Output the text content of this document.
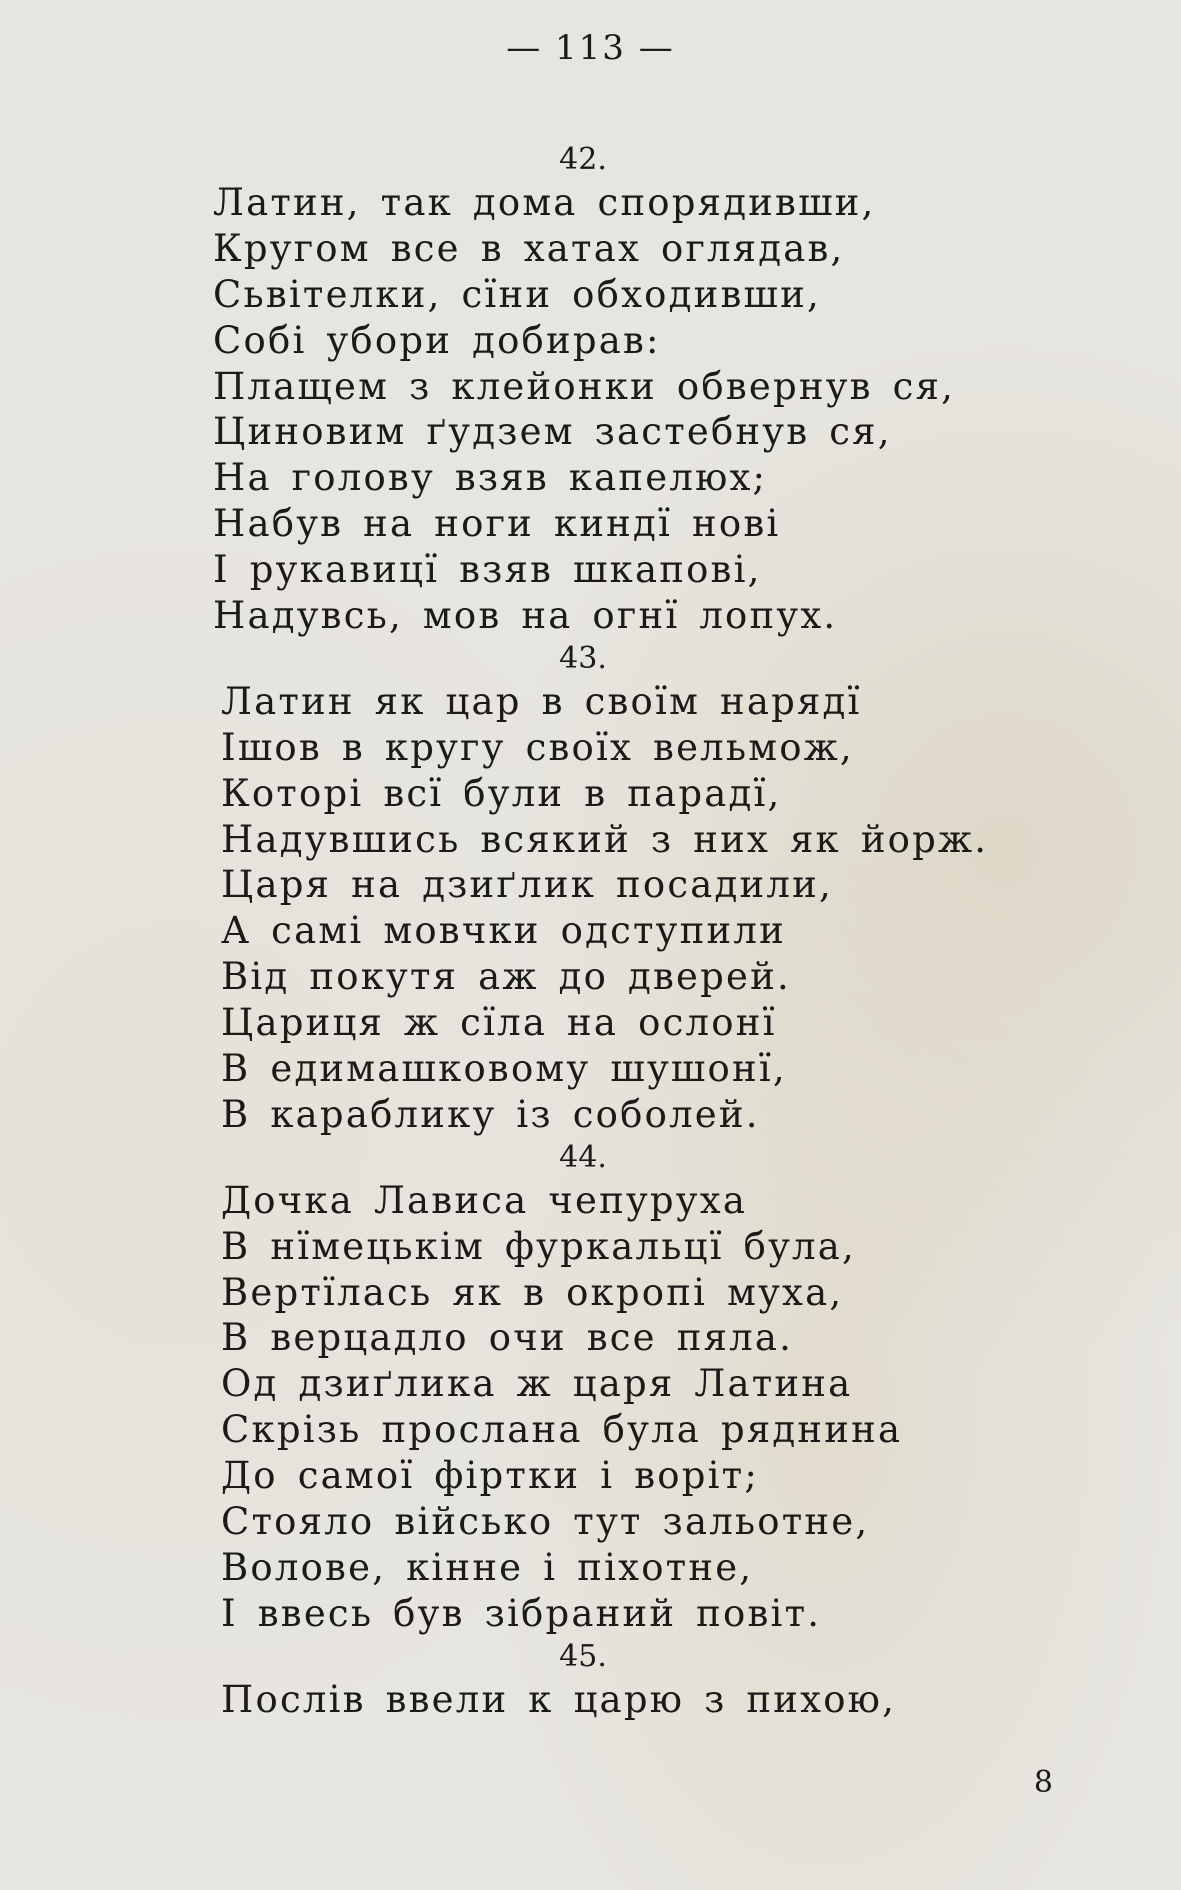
— 113 —
42.
Латин, так дома спорядивши,
Кругом все в хатах оглядав,
Сьвітелки, сїни обходивши,
Собі убори добирав:
Плащем з клейонки обвернув ся,
Циновим ґудзем застебнув ся,
На голову взяв капелюх;
Набув на ноги киндї нові
І рукавицї взяв шкапові,
Надувсь, мов на огнї лопух.
43.
Латин як цар в своїм нарядї
Ішов в кругу своїх вельмож,
Которі всї були в парадї,
Надувшись всякий з них як йорж.
Царя на дзиґлик посадили,
А самі мовчки одступили
Від покутя аж до дверей.
Цариця ж сїла на ослонї
В едимашковому шушонї,
В караблику із соболей.
44.
Дочка Лависа чепуруха
В нїмецькім фуркальцї була,
Вертїлась як в окропі муха,
В верцадло очи все пяла.
Од дзиґлика ж царя Латина
Скрізь прослана була ряднина
До самої фіртки і воріт;
Стояло військо тут зальотне,
Волове, кінне і піхотне,
І ввесь був зібраний повіт.
45.
Послів ввели к царю з пихою,
8
